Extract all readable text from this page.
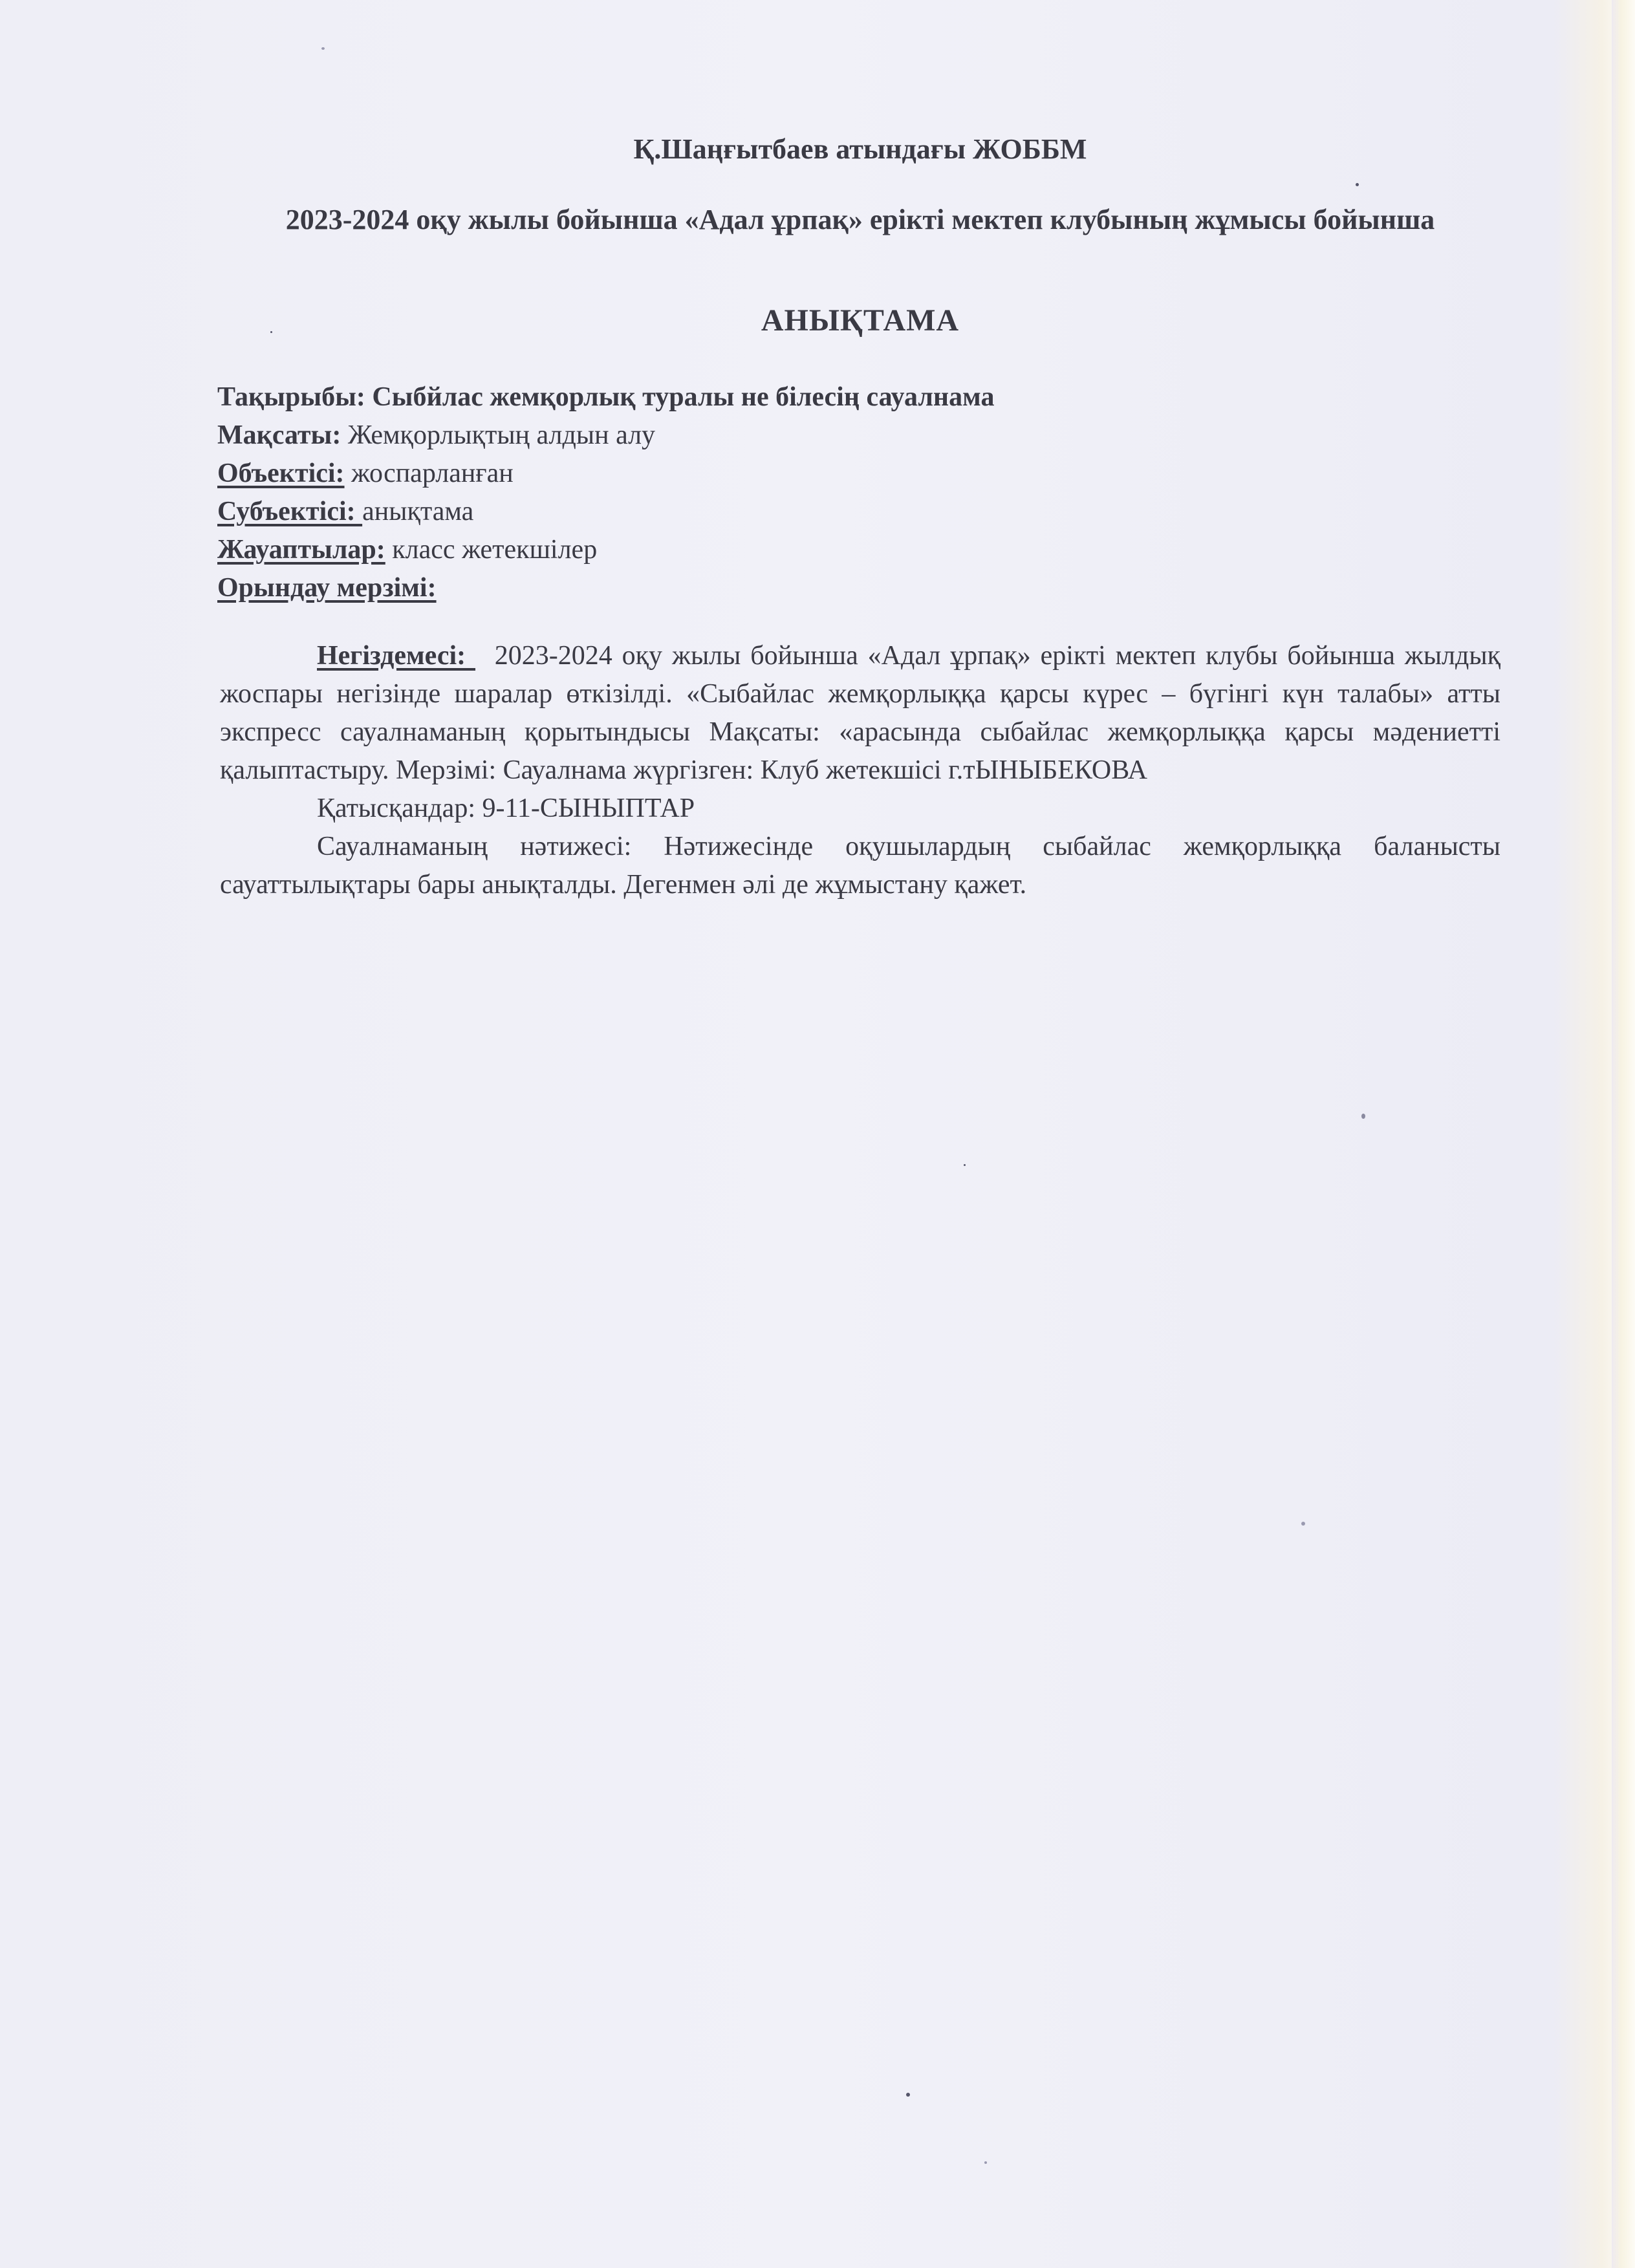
Қ.Шаңғытбаев атындағы ЖОББМ
2023-2024 оқу жылы бойынша «Адал ұрпақ» ерікті мектеп клубының жұмысы бойынша
АНЫҚТАМА
Тақырыбы: Сыбйлас жемқорлық туралы не білесің сауалнама
Мақсаты: Жемқорлықтың алдын алу
Объектісі: жоспарланған
Субъектісі: анықтама
Жауаптылар: класс жетекшілер
Орындау мерзімі:

Негіздемесі:   2023-2024 оқу жылы бойынша «Адал ұрпақ» ерікті мектеп клубы бойынша жылдық жоспары негізінде шаралар өткізілді. «Сыбайлас жемқорлыққа қарсы күрес – бүгінгі күн талабы» атты экспресс сауалнаманың қорытындысы Мақсаты: «арасында сыбайлас жемқорлыққа қарсы мәдениетті қалыптастыру. Мерзімі: Сауалнама жүргізген: Клуб жетекшісі г.тЫНЫБЕКОВА

Қатысқандар: 9-11-СЫНЫПТАР

Сауалнаманың нәтижесі: Нәтижесінде оқушылардың сыбайлас жемқорлыққа баланысты сауаттылықтары бары анықталды. Дегенмен әлі де жұмыстану қажет.
